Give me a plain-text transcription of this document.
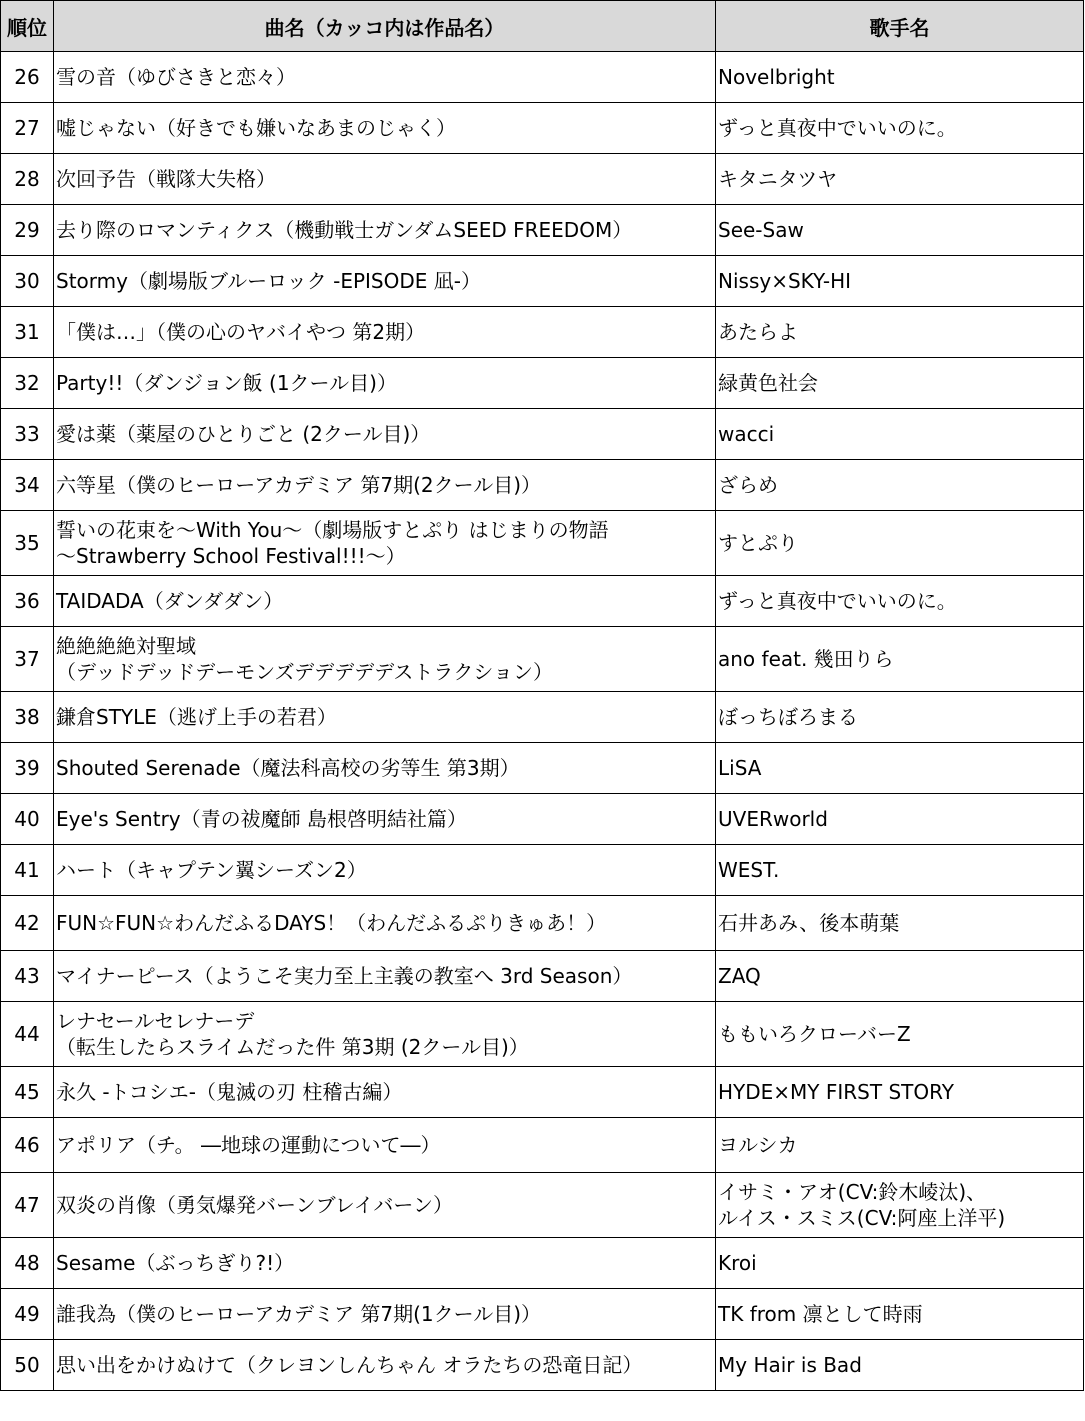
順位	曲名（カッコ内は作品名）	歌手名
26	雪の音（ゆびさきと恋々）	Novelbright

27	嘘じゃない（好きでも嫌いなあまのじゃく）	ずっと真夜中でいいのに。

28	次回予告（戦隊大失格）	キタニタツヤ

29	去り際のロマンティクス（機動戦士ガンダムSEED FREEDOM）	See-Saw

30	Stormy（劇場版ブルーロック -EPISODE 凪-）	Nissy×SKY-HI

31	「僕は…」（僕の心のヤバイやつ 第2期）	あたらよ

32	Party!!（ダンジョン飯 (1クール目)）	緑黄色社会

33	愛は薬（薬屋のひとりごと (2クール目)）	wacci

34	六等星（僕のヒーローアカデミア 第7期(2クール目)）	ざらめ

35	誓いの花束を～With You～（劇場版すとぷり はじまりの物語
～Strawberry School Festival!!!～）	すとぷり

36	TAIDADA（ダンダダン）	ずっと真夜中でいいのに。

37	絶絶絶絶対聖域
（デッドデッドデーモンズデデデデデストラクション）	ano feat. 幾田りら

38	鎌倉STYLE（逃げ上手の若君）	ぼっちぼろまる

39	Shouted Serenade（魔法科高校の劣等生 第3期）	LiSA

40	Eye's Sentry（青の祓魔師 島根啓明結社篇）	UVERworld

41	ハート（キャプテン翼シーズン2）	WEST.

42	FUN☆FUN☆わんだふるDAYS！（わんだふるぷりきゅあ！）	石井あみ、後本萌葉

43	マイナーピース（ようこそ実力至上主義の教室へ 3rd Season）	ZAQ

44	レナセールセレナーデ
（転生したらスライムだった件 第3期 (2クール目)）	ももいろクローバーZ

45	永久 -トコシエ-（鬼滅の刃 柱稽古編）	HYDE×MY FIRST STORY

46	アポリア（チ。 ―地球の運動について―）	ヨルシカ

47	双炎の肖像（勇気爆発バーンブレイバーン）	イサミ・アオ(CV:鈴木崚汰)、
ルイス・スミス(CV:阿座上洋平)

48	Sesame（ぶっちぎり?!）	Kroi

49	誰我為（僕のヒーローアカデミア 第7期(1クール目)）	TK from 凛として時雨

50	思い出をかけぬけて（クレヨンしんちゃん オラたちの恐竜日記）	My Hair is Bad
